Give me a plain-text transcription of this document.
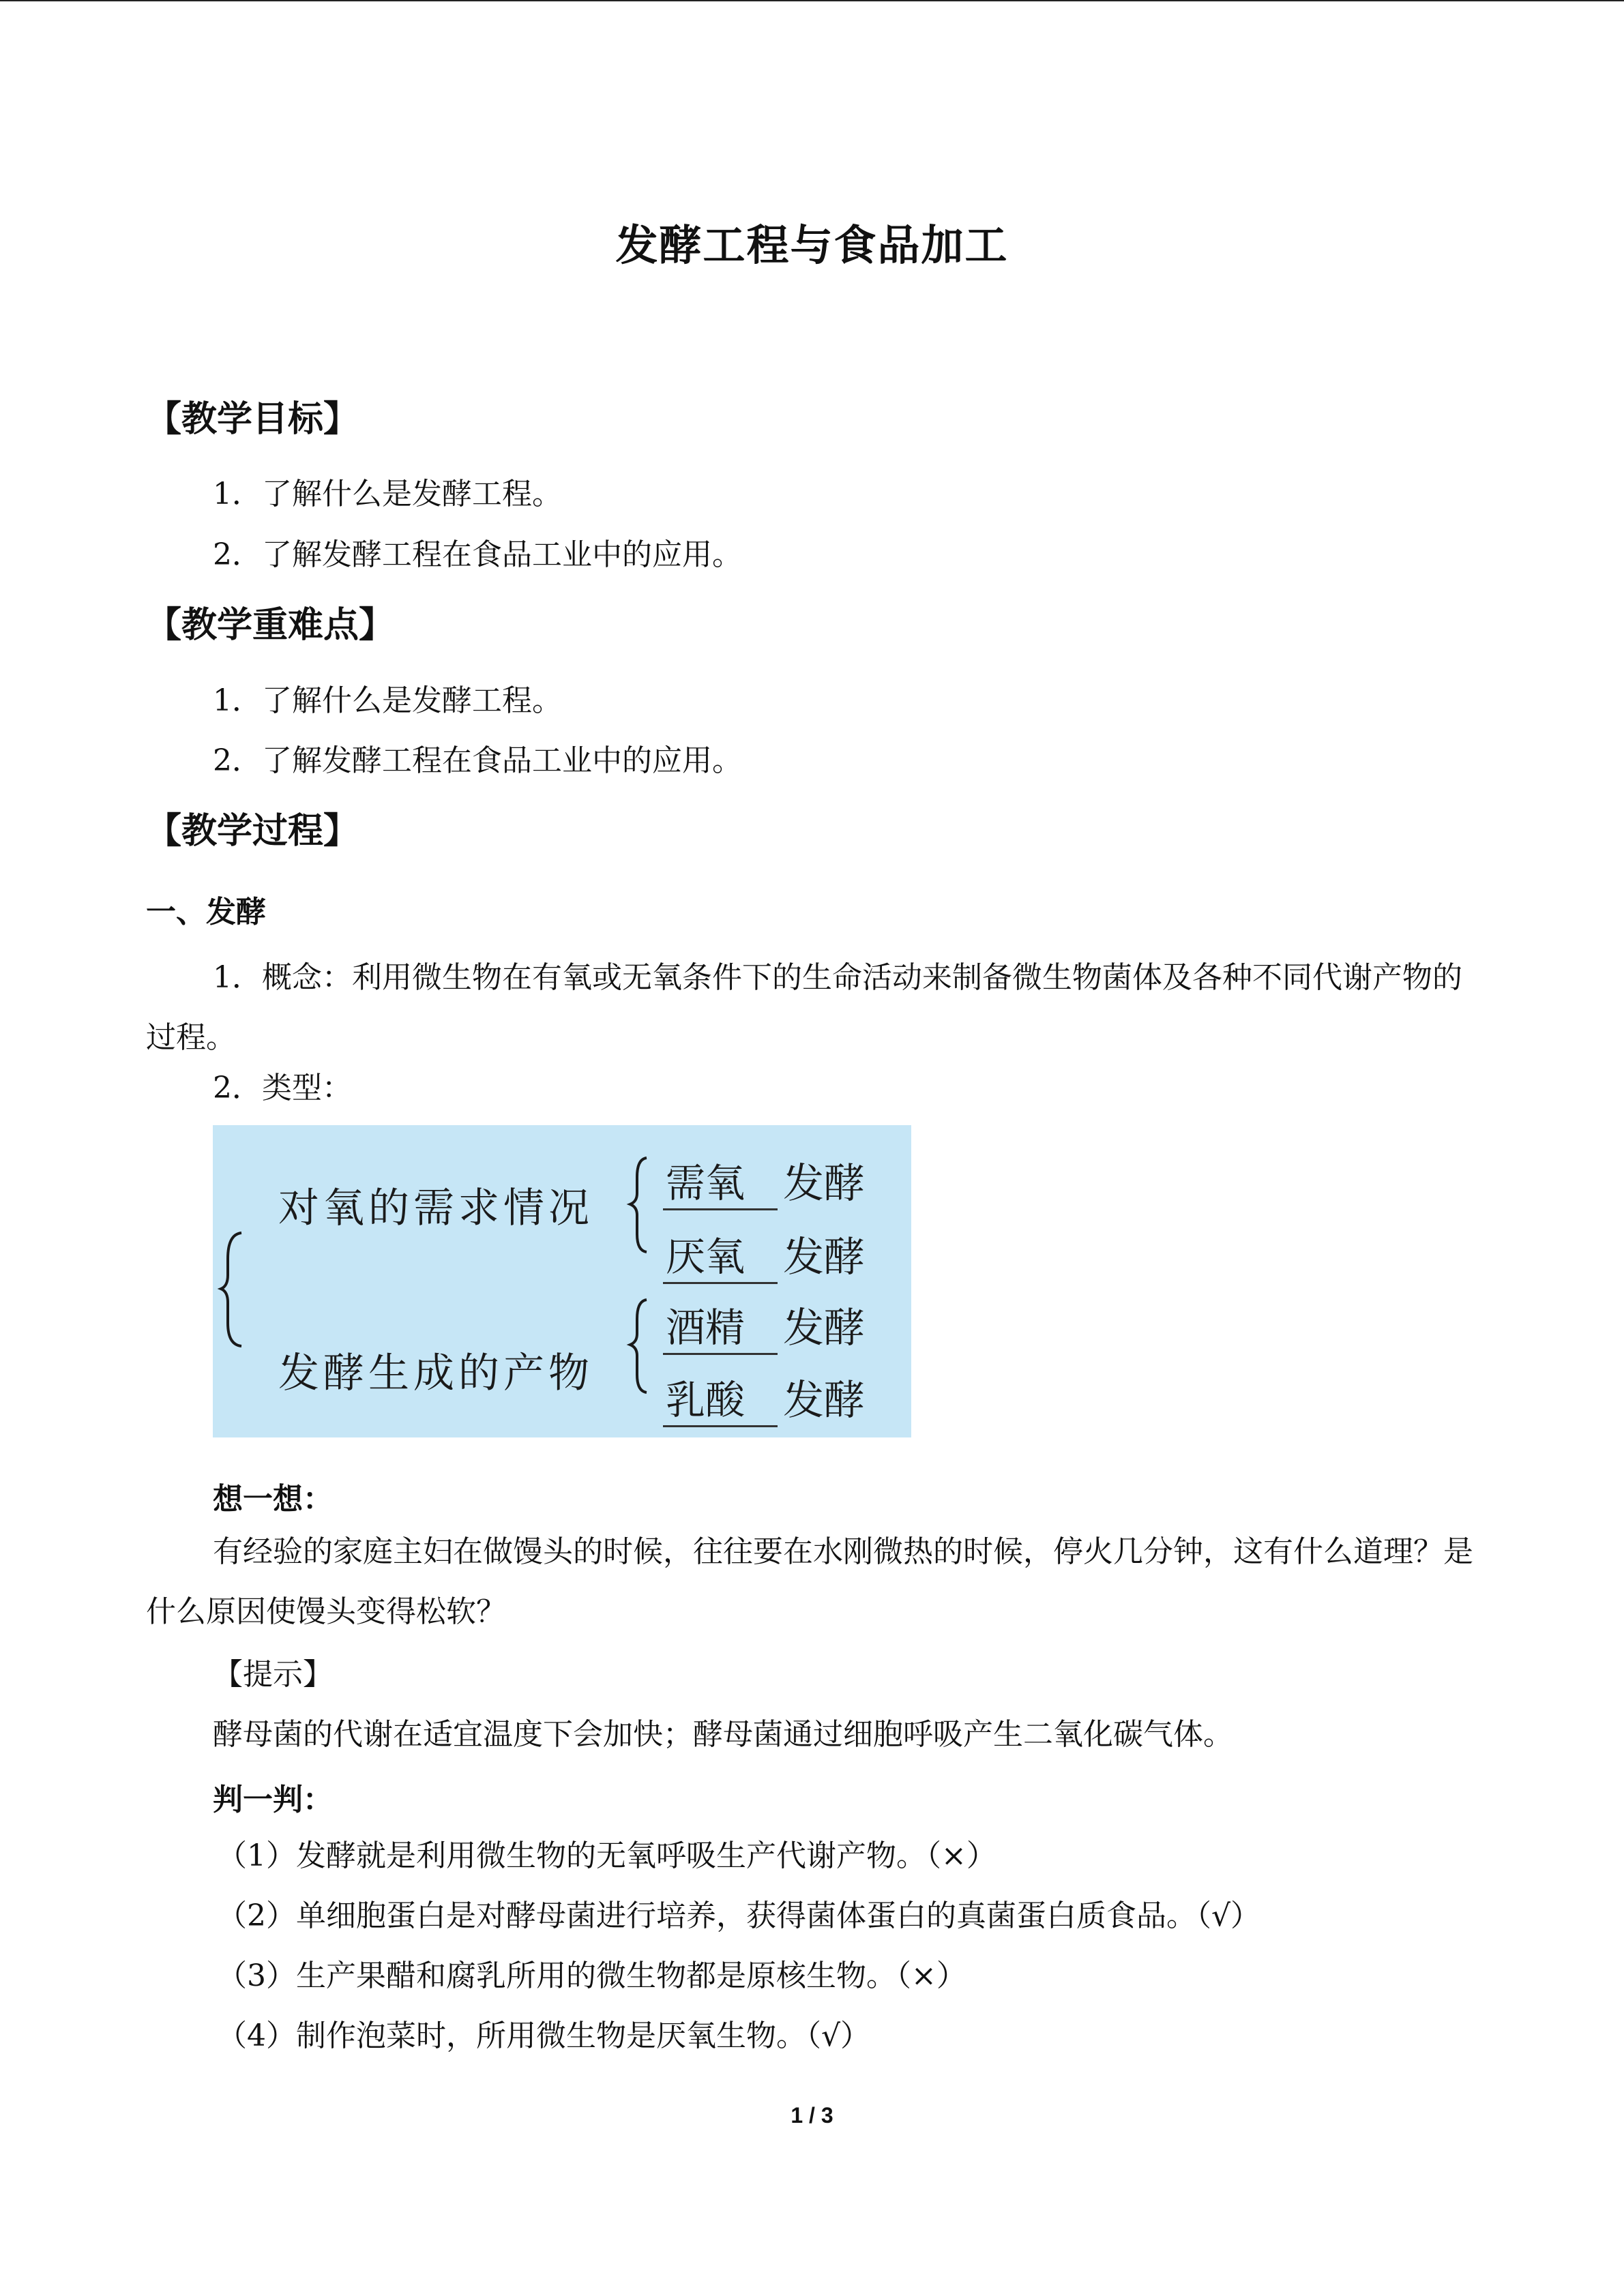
发酵工程与食品加工
【教学目标】
1．了解什么是发酵工程。
2．了解发酵工程在食品工业中的应用。
【教学重难点】
1．了解什么是发酵工程。
2．了解发酵工程在食品工业中的应用。
【教学过程】
一、发酵
1．概念：利用微生物在有氧或无氧条件下的生命活动来制备微生物菌体及各种不同代谢产物的过程。
2．类型：
对氧的需求情况
发酵生成的产物
需氧 发酵
厌氧 发酵
酒精 发酵
乳酸 发酵
想一想：
有经验的家庭主妇在做馒头的时候，往往要在水刚微热的时候，停火几分钟，这有什么道理？是什么原因使馒头变得松软？
【提示】
酵母菌的代谢在适宜温度下会加快；酵母菌通过细胞呼吸产生二氧化碳气体。
判一判：
（1）发酵就是利用微生物的无氧呼吸生产代谢产物。（×）
（2）单细胞蛋白是对酵母菌进行培养，获得菌体蛋白的真菌蛋白质食品。（√）
（3）生产果醋和腐乳所用的微生物都是原核生物。（×）
（4）制作泡菜时，所用微生物是厌氧生物。（√）
1 / 3
